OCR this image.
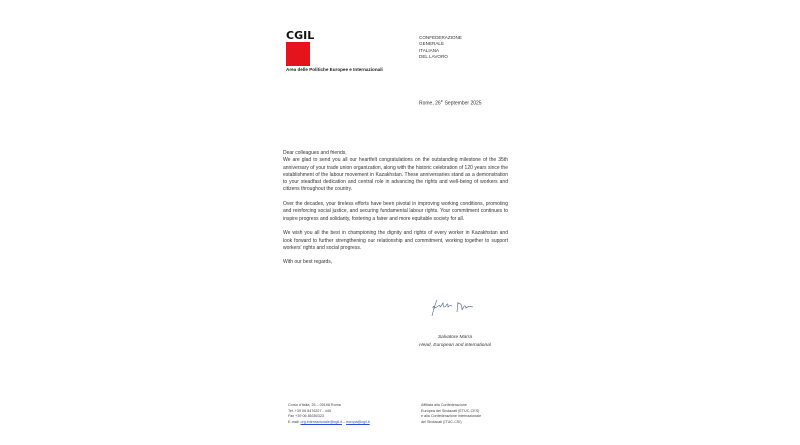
CGIL
Area delle Politiche Europee e Internazionali
CONFEDERAZIONE
GENERALE
ITALIANA
DEL LAVORO
Rome, 26th September 2025

Dear colleagues and friends,

We are glad to send you all our heartfelt congratulations on the outstanding milestone of the 35th anniversary of your trade union organization, along with the historic celebration of 120 years since the establishment of the labour movement in Kazakhstan. These anniversaries stand as a demonstration to your steadfast dedication and central role in advancing the rights and well-being of workers and citizens throughout the country.

Over the decades, your tireless efforts have been pivotal in improving working conditions, promoting and reinforcing social justice, and securing fundamental labour rights. Your commitment continues to inspire progress and solidarity, fostering a fairer and more equitable society for all.

We wish you all the best in championing the dignity and rights of every worker in Kazakhstan and look forward to further strengthening our relationship and commitment, working together to support workers' rights and social progress.

With our best regards,

Salvatore Marra
Head, European and international
Corso d'Italia, 25 – 00198 Roma
Tel. +39 06 8476327 - 449
Fax +39 06 85350323
E-mail: org.internazionale@cgil.it – europa@cgil.it
Affiliata alla Confederazione
Europea dei Sindacati (ETUC-CES)
e alla Confederazione Internazionale
dei Sindacati (ITUC-CSI)
